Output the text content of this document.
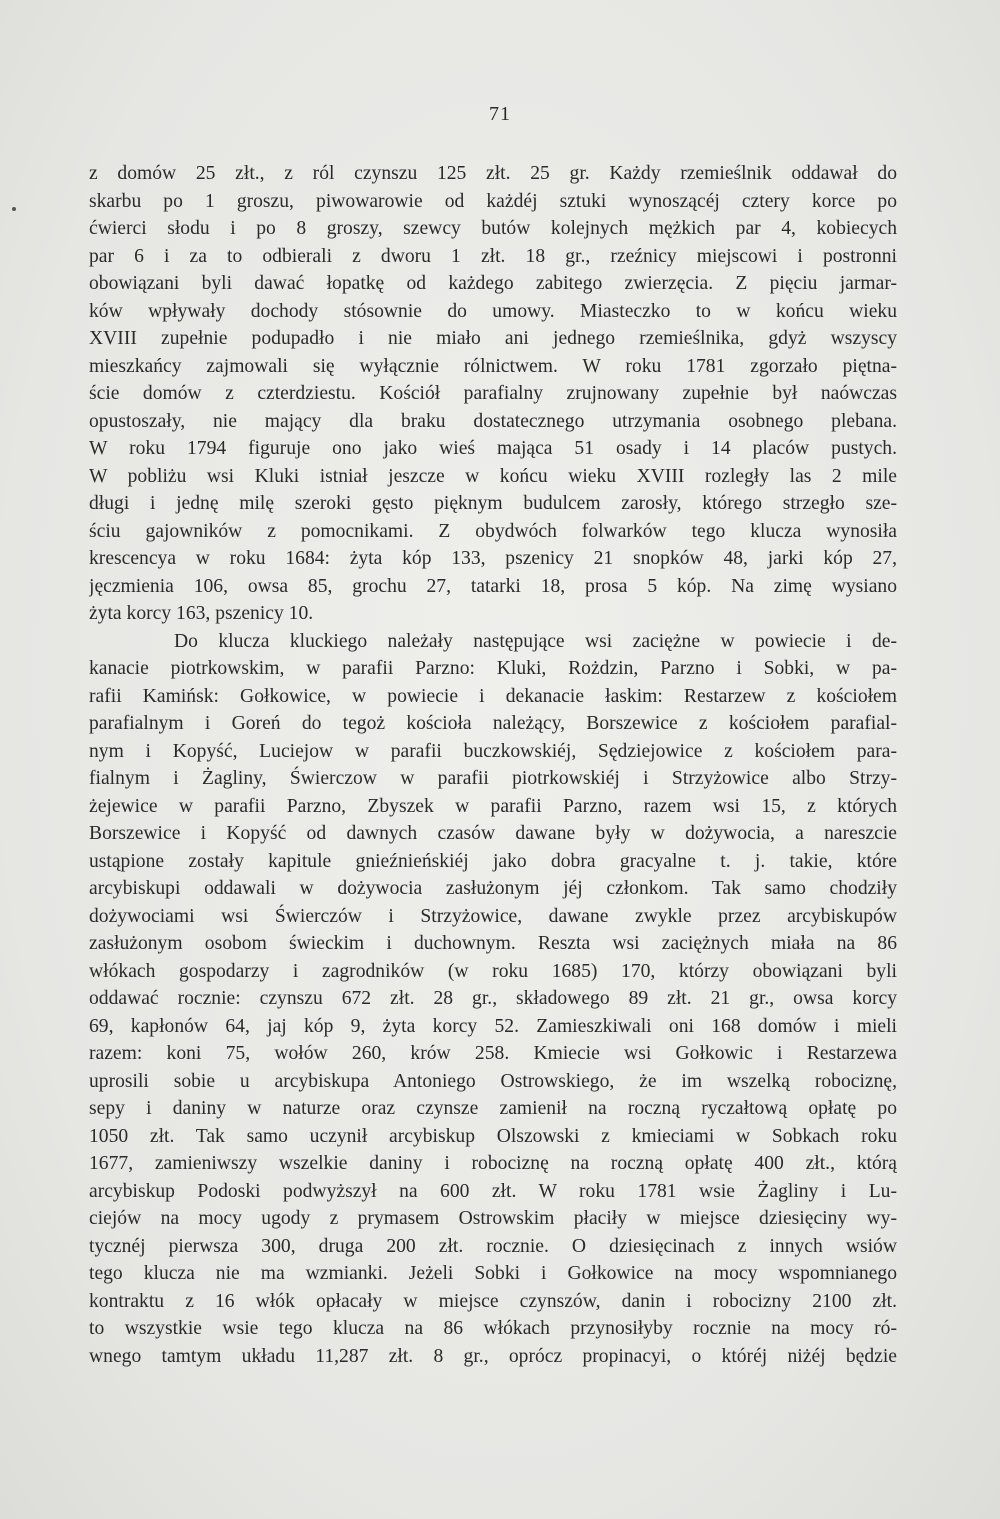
71
z domów 25 złt., z ról czynszu 125 złt. 25 gr. Każdy rzemieślnik oddawał do
skarbu po 1 groszu, piwowarowie od każdéj sztuki wynoszącéj cztery korce po
ćwierci słodu i po 8 groszy, szewcy butów kolejnych mężkich par 4, kobiecych
par 6 i za to odbierali z dworu 1 złt. 18 gr., rzeźnicy miejscowi i postronni
obowiązani byli dawać łopatkę od każdego zabitego zwierzęcia. Z pięciu jarmar-
ków wpływały dochody stósownie do umowy. Miasteczko to w końcu wieku
XVIII zupełnie podupadło i nie miało ani jednego rzemieślnika, gdyż wszyscy
mieszkańcy zajmowali się wyłącznie rólnictwem. W roku 1781 zgorzało piętna-
ście domów z czterdziestu. Kościół parafialny zrujnowany zupełnie był naówczas
opustoszały, nie mający dla braku dostatecznego utrzymania osobnego plebana.
W roku 1794 figuruje ono jako wieś mająca 51 osady i 14 placów pustych.
W pobliżu wsi Kluki istniał jeszcze w końcu wieku XVIII rozległy las 2 mile
długi i jednę milę szeroki gęsto pięknym budulcem zarosły, którego strzegło sze-
ściu gajowników z pomocnikami. Z obydwóch folwarków tego klucza wynosiła
krescencya w roku 1684: żyta kóp 133, pszenicy 21 snopków 48, jarki kóp 27,
jęczmienia 106, owsa 85, grochu 27, tatarki 18, prosa 5 kóp. Na zimę wysiano
żyta korcy 163, pszenicy 10.
Do klucza kluckiego należały następujące wsi zaciężne w powiecie i de-
kanacie piotrkowskim, w parafii Parzno: Kluki, Rożdzin, Parzno i Sobki, w pa-
rafii Kamińsk: Gołkowice, w powiecie i dekanacie łaskim: Restarzew z kościołem
parafialnym i Goreń do tegoż kościoła należący, Borszewice z kościołem parafial-
nym i Kopyść, Luciejow w parafii buczkowskiéj, Sędziejowice z kościołem para-
fialnym i Żagliny, Świerczow w parafii piotrkowskiéj i Strzyżowice albo Strzy-
żejewice w parafii Parzno, Zbyszek w parafii Parzno, razem wsi 15, z których
Borszewice i Kopyść od dawnych czasów dawane były w dożywocia, a nareszcie
ustąpione zostały kapitule gnieźnieńskiéj jako dobra gracyalne t. j. takie, które
arcybiskupi oddawali w dożywocia zasłużonym jéj członkom. Tak samo chodziły
dożywociami wsi Świerczów i Strzyżowice, dawane zwykle przez arcybiskupów
zasłużonym osobom świeckim i duchownym. Reszta wsi zaciężnych miała na 86
włókach gospodarzy i zagrodników (w roku 1685) 170, którzy obowiązani byli
oddawać rocznie: czynszu 672 złt. 28 gr., składowego 89 złt. 21 gr., owsa korcy
69, kapłonów 64, jaj kóp 9, żyta korcy 52. Zamieszkiwali oni 168 domów i mieli
razem: koni 75, wołów 260, krów 258. Kmiecie wsi Gołkowic i Restarzewa
uprosili sobie u arcybiskupa Antoniego Ostrowskiego, że im wszelką robociznę,
sepy i daniny w naturze oraz czynsze zamienił na roczną ryczałtową opłatę po
1050 złt. Tak samo uczynił arcybiskup Olszowski z kmieciami w Sobkach roku
1677, zamieniwszy wszelkie daniny i robociznę na roczną opłatę 400 złt., którą
arcybiskup Podoski podwyższył na 600 złt. W roku 1781 wsie Żagliny i Lu-
ciejów na mocy ugody z prymasem Ostrowskim płaciły w miejsce dziesięciny wy-
tycznéj pierwsza 300, druga 200 złt. rocznie. O dziesięcinach z innych wsiów
tego klucza nie ma wzmianki. Jeżeli Sobki i Gołkowice na mocy wspomnianego
kontraktu z 16 włók opłacały w miejsce czynszów, danin i robocizny 2100 złt.
to wszystkie wsie tego klucza na 86 włókach przynosiłyby rocznie na mocy ró-
wnego tamtym układu 11,287 złt. 8 gr., oprócz propinacyi, o któréj niżéj będzie
